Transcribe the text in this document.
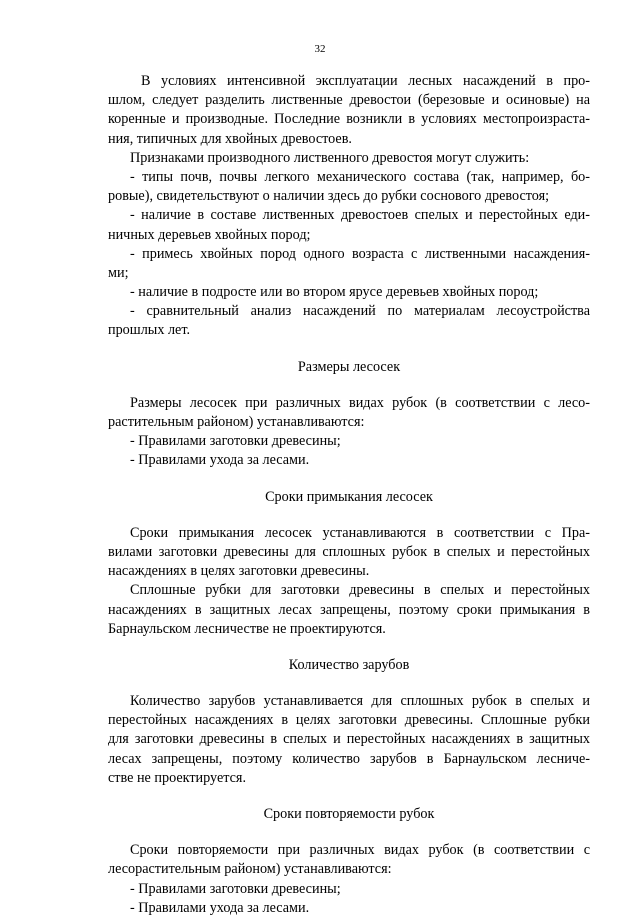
32
В условиях интенсивной эксплуатации лесных насаждений в про-
шлом, следует разделить лиственные древостои (березовые и осиновые) на
коренные и производные. Последние возникли в условиях местопроизраста-
ния, типичных для хвойных древостоев.
Признаками производного лиственного древостоя могут служить:
- типы почв, почвы легкого механического состава (так, например, бо-
ровые), свидетельствуют о наличии здесь до рубки соснового древостоя;
- наличие в составе лиственных древостоев спелых и перестойных еди-
ничных деревьев хвойных пород;
- примесь хвойных пород одного возраста с лиственными насаждения-
ми;
- наличие в подросте или во втором ярусе деревьев хвойных пород;
- сравнительный анализ насаждений по материалам лесоустройства
прошлых лет.
Размеры лесосек
Размеры лесосек при различных видах рубок (в соответствии с лесо-
растительным районом) устанавливаются:
- Правилами заготовки древесины;
- Правилами ухода за лесами.
Сроки примыкания лесосек
Сроки примыкания лесосек устанавливаются в соответствии с Пра-
вилами заготовки древесины для сплошных рубок в спелых и перестойных
насаждениях в целях заготовки древесины.
Сплошные рубки для заготовки древесины в спелых и перестойных
насаждениях в защитных лесах запрещены, поэтому сроки примыкания в
Барнаульском лесничестве не проектируются.
Количество зарубов
Количество зарубов устанавливается для сплошных рубок в спелых и
перестойных насаждениях в целях заготовки древесины. Сплошные рубки
для заготовки древесины в спелых и перестойных насаждениях в защитных
лесах запрещены, поэтому количество зарубов в Барнаульском лесниче-
стве не проектируется.
Сроки повторяемости рубок
Сроки повторяемости при различных видах рубок (в соответствии с
лесорастительным районом) устанавливаются:
- Правилами заготовки древесины;
- Правилами ухода за лесами.
